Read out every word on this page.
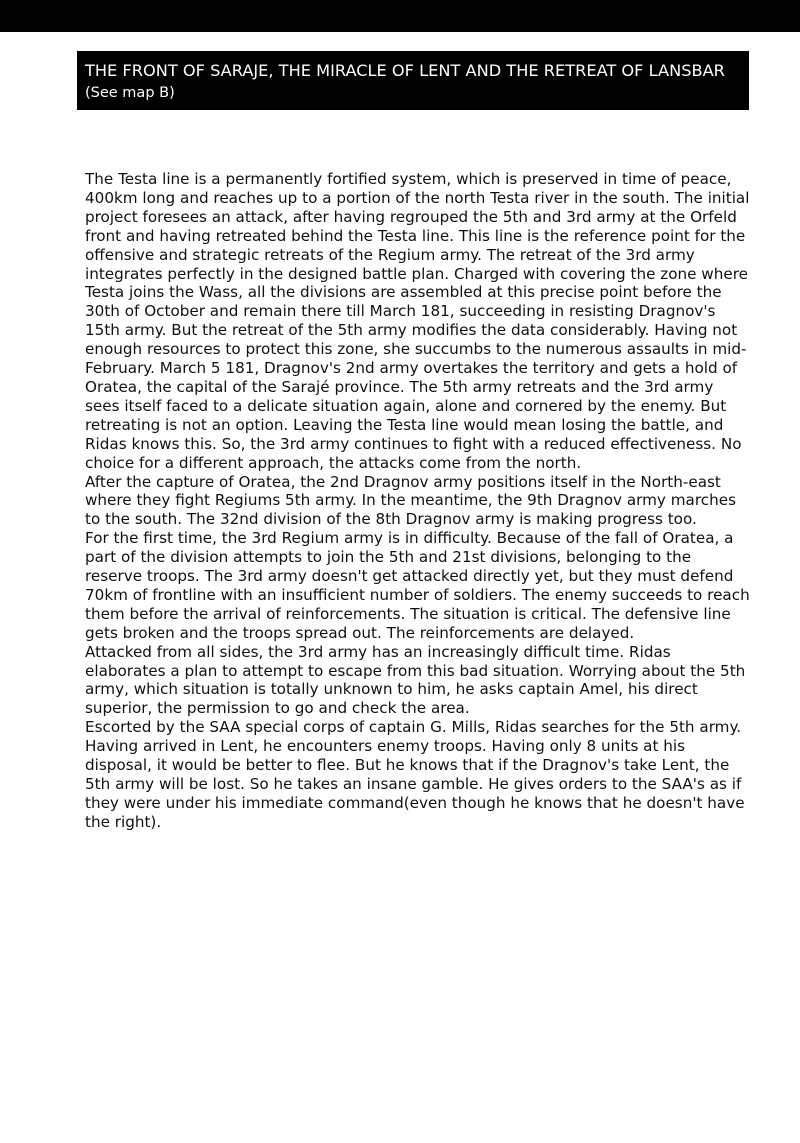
THE FRONT OF SARAJE, THE MIRACLE OF LENT AND THE RETREAT OF LANSBAR (See map B)

The Testa line is a permanently fortified system, which is preserved in time of peace, 400km long and reaches up to a portion of the north Testa river in the south. The initial project foresees an attack, after having regrouped the 5th and 3rd army at the Orfeld front and having retreated behind the Testa line. This line is the reference point for the offensive and strategic retreats of the Regium army. The retreat of the 3rd army integrates perfectly in the designed battle plan. Charged with covering the zone where Testa joins the Wass, all the divisions are assembled at this precise point before the 30th of October and remain there till March 181, succeeding in resisting Dragnov's 15th army. But the retreat of the 5th army modifies the data considerably. Having not enough resources to protect this zone, she succumbs to the numerous assaults in mid-February. March 5 181, Dragnov's 2nd army overtakes the territory and gets a hold of Oratea, the capital of the Sarajé province. The 5th army retreats and the 3rd army sees itself faced to a delicate situation again, alone and cornered by the enemy. But retreating is not an option. Leaving the Testa line would mean losing the battle, and Ridas knows this. So, the 3rd army continues to fight with a reduced effectiveness. No choice for a different approach, the attacks come from the north.

After the capture of Oratea, the 2nd Dragnov army positions itself in the North-east where they fight Regiums 5th army. In the meantime, the 9th Dragnov army marches to the south. The 32nd division of the 8th Dragnov army is making progress too.

For the first time, the 3rd Regium army is in difficulty. Because of the fall of Oratea, a part of the division attempts to join the 5th and 21st divisions, belonging to the reserve troops. The 3rd army doesn't get attacked directly yet, but they must defend 70km of frontline with an insufficient number of soldiers. The enemy succeeds to reach them before the arrival of reinforcements. The situation is critical. The defensive line gets broken and the troops spread out. The reinforcements are delayed.

Attacked from all sides, the 3rd army has an increasingly difficult time. Ridas elaborates a plan to attempt to escape from this bad situation. Worrying about the 5th army, which situation is totally unknown to him, he asks captain Amel, his direct superior, the permission to go and check the area.

Escorted by the SAA special corps of captain G. Mills, Ridas searches for the 5th army. Having arrived in Lent, he encounters enemy troops. Having only 8 units at his disposal, it would be better to flee. But he knows that if the Dragnov's take Lent, the 5th army will be lost. So he takes an insane gamble. He gives orders to the SAA's as if they were under his immediate command(even though he knows that he doesn't have the right).
